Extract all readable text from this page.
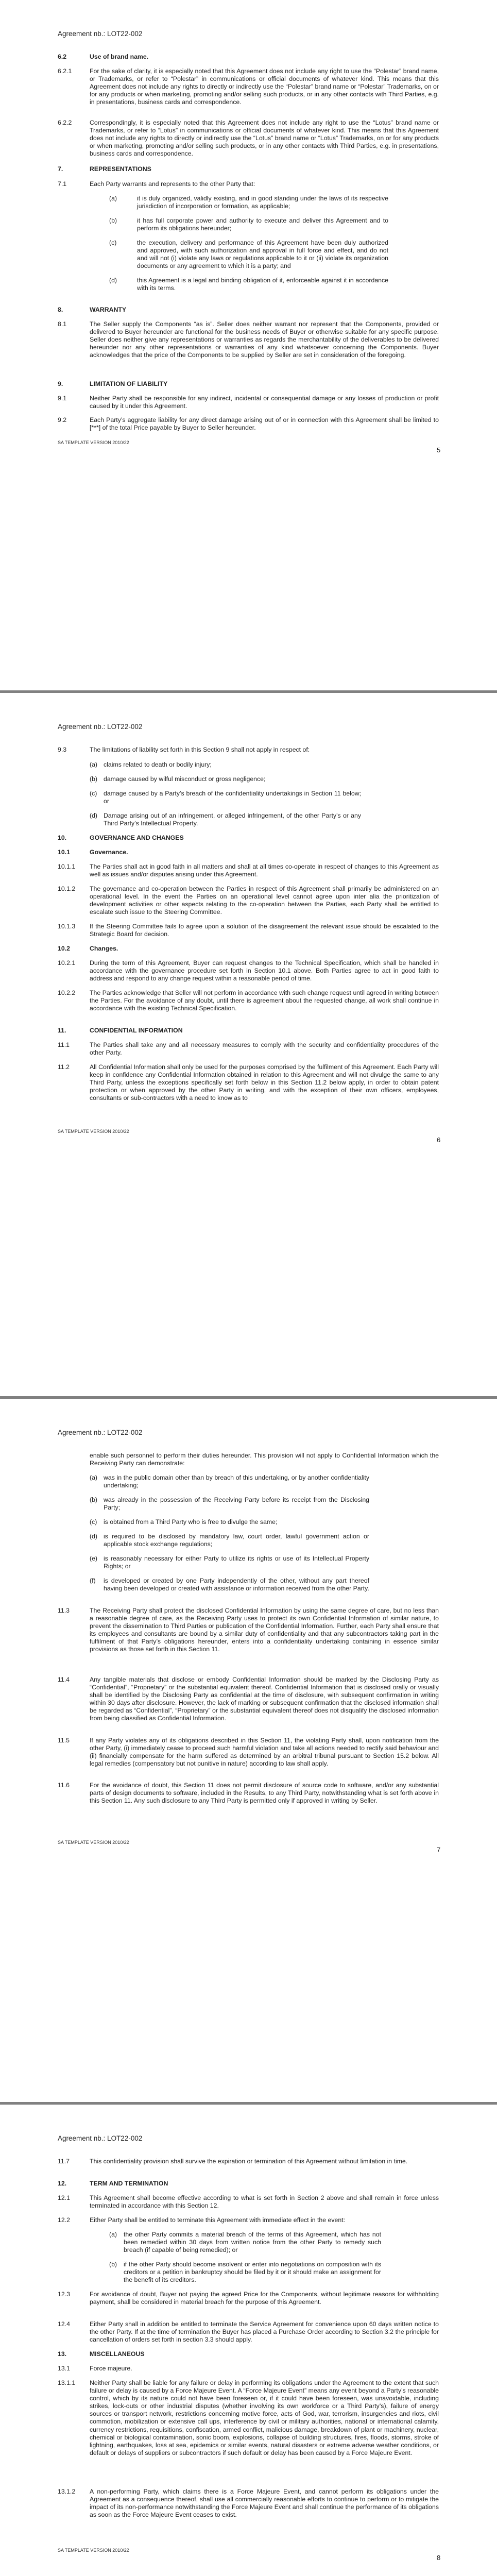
Agreement nb.: LOT22-002
6.2	Use of brand name.
6.2.1	For the sake of clarity, it is especially noted that this Agreement does not include any right to use the “Polestar” brand name, or Trademarks, or refer to “Polestar” in communications or official documents of whatever kind. This means that this Agreement does not include any rights to directly or indirectly use the “Polestar” brand name or “Polestar” Trademarks, on or for any products or when marketing, promoting and/or selling such products, or in any other contacts with Third Parties, e.g. in presentations, business cards and correspondence.
6.2.2	Correspondingly, it is especially noted that this Agreement does not include any right to use the “Lotus” brand name or Trademarks, or refer to “Lotus” in communications or official documents of whatever kind. This means that this Agreement does not include any rights to directly or indirectly use the “Lotus” brand name or “Lotus” Trademarks, on or for any products or when marketing, promoting and/or selling such products, or in any other contacts with Third Parties, e.g. in presentations, business cards and correspondence.
7.	REPRESENTATIONS
7.1	Each Party warrants and represents to the other Party that:
(a)	it is duly organized, validly existing, and in good standing under the laws of its respective jurisdiction of incorporation or formation, as applicable;
(b)	it has full corporate power and authority to execute and deliver this Agreement and to perform its obligations hereunder;
(c)	the execution, delivery and performance of this Agreement have been duly authorized and approved, with such authorization and approval in full force and effect, and do not and will not (i) violate any laws or regulations applicable to it or (ii) violate its organization documents or any agreement to which it is a party; and
(d)	this Agreement is a legal and binding obligation of it, enforceable against it in accordance with its terms.
8.	WARRANTY
8.1	The Seller supply the Components “as is”. Seller does neither warrant nor represent that the Components, provided or delivered to Buyer hereunder are functional for the business needs of Buyer or otherwise suitable for any specific purpose. Seller does neither give any representations or warranties as regards the merchantability of the deliverables to be delivered hereunder nor any other representations or warranties of any kind whatsoever concerning the Components. Buyer acknowledges that the price of the Components to be supplied by Seller are set in consideration of the foregoing.
9.	LIMITATION OF LIABILITY
9.1	Neither Party shall be responsible for any indirect, incidental or consequential damage or any losses of production or profit caused by it under this Agreement.
9.2	Each Party’s aggregate liability for any direct damage arising out of or in connection with this Agreement shall be limited to [***] of the total Price payable by Buyer to Seller hereunder.
SA TEMPLATE VERSION 2010/22
5
Agreement nb.: LOT22-002
9.3	The limitations of liability set forth in this Section 9 shall not apply in respect of:
(a) claims related to death or bodily injury;
(b) damage caused by wilful misconduct or gross negligence;
(c) damage caused by a Party’s breach of the confidentiality undertakings in Section 11 below; or
(d) Damage arising out of an infringement, or alleged infringement, of the other Party’s or any Third Party’s Intellectual Property.
10.	GOVERNANCE AND CHANGES
10.1	Governance.
10.1.1 The Parties shall act in good faith in all matters and shall at all times co-operate in respect of changes to this Agreement as well as issues and/or disputes arising under this Agreement.
10.1.2 The governance and co-operation between the Parties in respect of this Agreement shall primarily be administered on an operational level. In the event the Parties on an operational level cannot agree upon inter alia the prioritization of development activities or other aspects relating to the co-operation between the Parties, each Party shall be entitled to escalate such issue to the Steering Committee.
10.1.3 If the Steering Committee fails to agree upon a solution of the disagreement the relevant issue should be escalated to the Strategic Board for decision.
10.2	Changes.
10.2.1 During the term of this Agreement, Buyer can request changes to the Technical Specification, which shall be handled in accordance with the governance procedure set forth in Section 10.1 above. Both Parties agree to act in good faith to address and respond to any change request within a reasonable period of time.
10.2.2 The Parties acknowledge that Seller will not perform in accordance with such change request until agreed in writing between the Parties. For the avoidance of any doubt, until there is agreement about the requested change, all work shall continue in accordance with the existing Technical Specification.
11.	CONFIDENTIAL INFORMATION
11.1	The Parties shall take any and all necessary measures to comply with the security and confidentiality procedures of the other Party.
11.2	All Confidential Information shall only be used for the purposes comprised by the fulfilment of this Agreement. Each Party will keep in confidence any Confidential Information obtained in relation to this Agreement and will not divulge the same to any Third Party, unless the exceptions specifically set forth below in this Section 11.2 below apply, in order to obtain patent protection or when approved by the other Party in writing, and with the exception of their own officers, employees, consultants or sub-contractors with a need to know as to
SA TEMPLATE VERSION 2010/22
6
Agreement nb.: LOT22-002
enable such personnel to perform their duties hereunder. This provision will not apply to Confidential Information which the Receiving Party can demonstrate:
(a) was in the public domain other than by breach of this undertaking, or by another confidentiality undertaking;
(b) was already in the possession of the Receiving Party before its receipt from the Disclosing Party;
(c) is obtained from a Third Party who is free to divulge the same;
(d) is required to be disclosed by mandatory law, court order, lawful government action or applicable stock exchange regulations;
(e) is reasonably necessary for either Party to utilize its rights or use of its Intellectual Property Rights; or
(f) is developed or created by one Party independently of the other, without any part thereof having been developed or created with assistance or information received from the other Party.
11.3	The Receiving Party shall protect the disclosed Confidential Information by using the same degree of care, but no less than a reasonable degree of care, as the Receiving Party uses to protect its own Confidential Information of similar nature, to prevent the dissemination to Third Parties or publication of the Confidential Information. Further, each Party shall ensure that its employees and consultants are bound by a similar duty of confidentiality and that any subcontractors taking part in the fulfilment of that Party’s obligations hereunder, enters into a confidentiality undertaking containing in essence similar provisions as those set forth in this Section 11.
11.4	Any tangible materials that disclose or embody Confidential Information should be marked by the Disclosing Party as “Confidential”, “Proprietary” or the substantial equivalent thereof. Confidential Information that is disclosed orally or visually shall be identified by the Disclosing Party as confidential at the time of disclosure, with subsequent confirmation in writing within 30 days after disclosure. However, the lack of marking or subsequent confirmation that the disclosed information shall be regarded as “Confidential”, “Proprietary” or the substantial equivalent thereof does not disqualify the disclosed information from being classified as Confidential Information.
11.5	If any Party violates any of its obligations described in this Section 11, the violating Party shall, upon notification from the other Party, (i) immediately cease to proceed such harmful violation and take all actions needed to rectify said behaviour and (ii) financially compensate for the harm suffered as determined by an arbitral tribunal pursuant to Section 15.2 below. All legal remedies (compensatory but not punitive in nature) according to law shall apply.
11.6	For the avoidance of doubt, this Section 11 does not permit disclosure of source code to software, and/or any substantial parts of design documents to software, included in the Results, to any Third Party, notwithstanding what is set forth above in this Section 11. Any such disclosure to any Third Party is permitted only if approved in writing by Seller.
SA TEMPLATE VERSION 2010/22
7
Agreement nb.: LOT22-002
11.7	This confidentiality provision shall survive the expiration or termination of this Agreement without limitation in time.
12.	TERM AND TERMINATION
12.1	This Agreement shall become effective according to what is set forth in Section 2 above and shall remain in force unless terminated in accordance with this Section 12.
12.2	Either Party shall be entitled to terminate this Agreement with immediate effect in the event:
(a) the other Party commits a material breach of the terms of this Agreement, which has not been remedied within 30 days from written notice from the other Party to remedy such breach (if capable of being remedied); or
(b) if the other Party should become insolvent or enter into negotiations on composition with its creditors or a petition in bankruptcy should be filed by it or it should make an assignment for the benefit of its creditors.
12.3	For avoidance of doubt, Buyer not paying the agreed Price for the Components, without legitimate reasons for withholding payment, shall be considered in material breach for the purpose of this Agreement.
12.4	Either Party shall in addition be entitled to terminate the Service Agreement for convenience upon 60 days written notice to the other Party. If at the time of termination the Buyer has placed a Purchase Order according to Section 3.2 the principle for cancellation of orders set forth in section 3.3 should apply.
13.	MISCELLANEOUS
13.1	Force majeure.
13.1.1 Neither Party shall be liable for any failure or delay in performing its obligations under the Agreement to the extent that such failure or delay is caused by a Force Majeure Event. A “Force Majeure Event” means any event beyond a Party’s reasonable control, which by its nature could not have been foreseen or, if it could have been foreseen, was unavoidable, including strikes, lock-outs or other industrial disputes (whether involving its own workforce or a Third Party’s), failure of energy sources or transport network, restrictions concerning motive force, acts of God, war, terrorism, insurgencies and riots, civil commotion, mobilization or extensive call ups, interference by civil or military authorities, national or international calamity, currency restrictions, requisitions, confiscation, armed conflict, malicious damage, breakdown of plant or machinery, nuclear, chemical or biological contamination, sonic boom, explosions, collapse of building structures, fires, floods, storms, stroke of lightning, earthquakes, loss at sea, epidemics or similar events, natural disasters or extreme adverse weather conditions, or default or delays of suppliers or subcontractors if such default or delay has been caused by a Force Majeure Event.
13.1.2 A non-performing Party, which claims there is a Force Majeure Event, and cannot perform its obligations under the Agreement as a consequence thereof, shall use all commercially reasonable efforts to continue to perform or to mitigate the impact of its non-performance notwithstanding the Force Majeure Event and shall continue the performance of its obligations as soon as the Force Majeure Event ceases to exist.
SA TEMPLATE VERSION 2010/22
8
